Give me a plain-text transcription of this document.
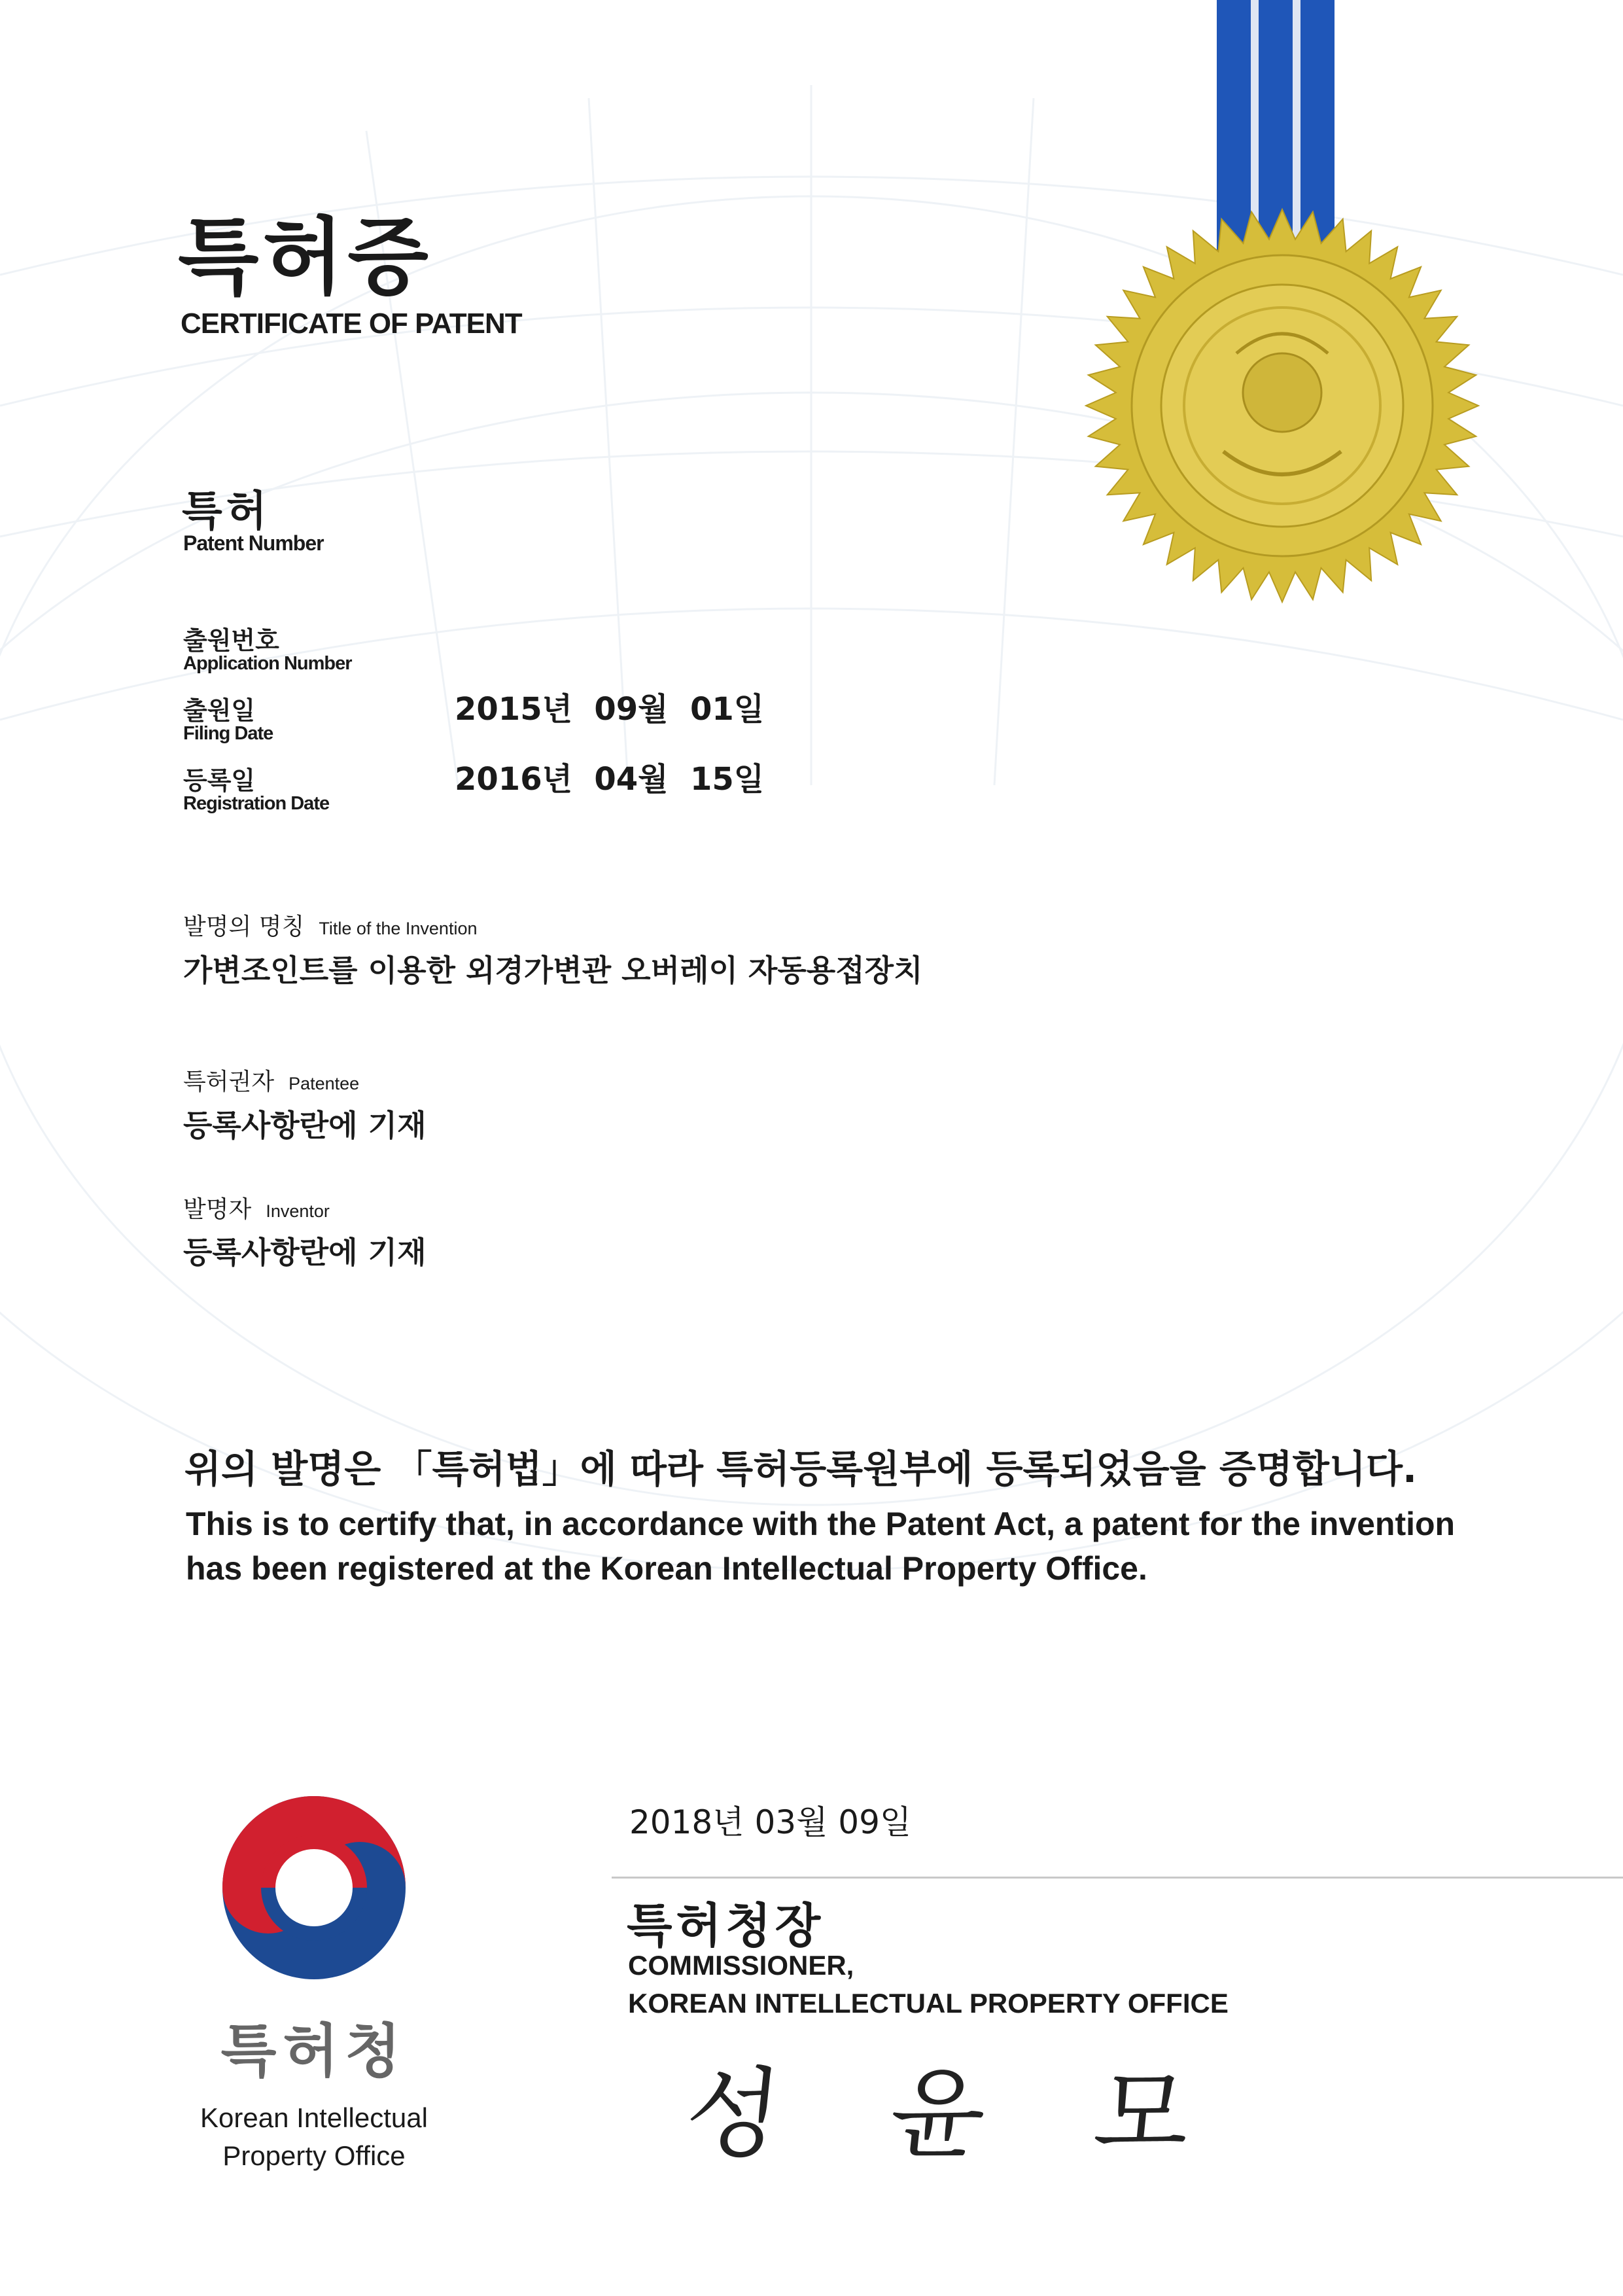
특허증
CERTIFICATE OF PATENT
특허
Patent Number
출원번호
Application Number
출원일
Filing Date
2015년  09월  01일
등록일
Registration Date
2016년  04월  15일
발명의 명칭 Title of the Invention
가변조인트를 이용한 외경가변관 오버레이 자동용접장치
특허권자 Patentee
등록사항란에 기재
발명자 Inventor
등록사항란에 기재
위의 발명은 「특허법」에 따라 특허등록원부에 등록되었음을 증명합니다.
This is to certify that, in accordance with the Patent Act, a patent for the invention
has been registered at the Korean Intellectual Property Office.
2018년 03월 09일
특허청장
COMMISSIONER,
KOREAN INTELLECTUAL PROPERTY OFFICE
성 윤 모
특허청
Korean Intellectual
Property Office
